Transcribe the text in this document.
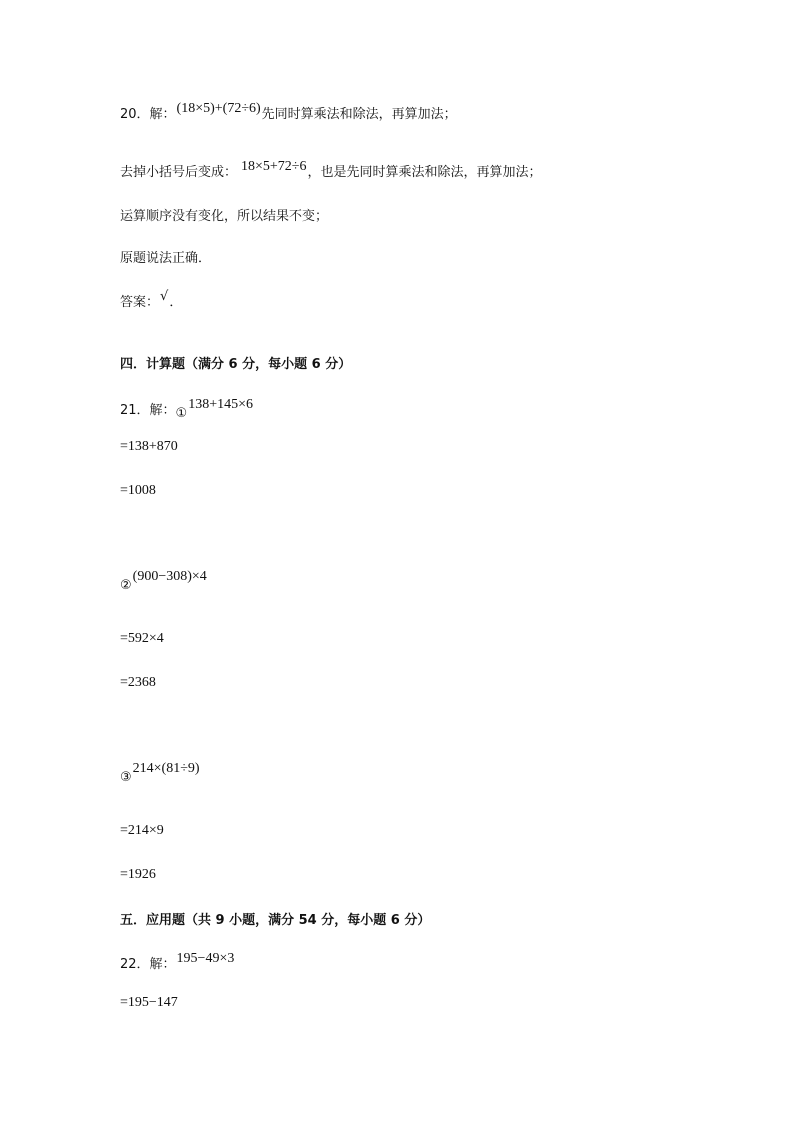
20．解：(18×5)+(72÷6)先同时算乘法和除法，再算加法；
去掉小括号后变成： 18×5+72÷6，也是先同时算乘法和除法，再算加法；
运算顺序没有变化，所以结果不变；
原题说法正确．
答案：√．
四．计算题（满分 6 分，每小题 6 分）
21．解：①138+145×6
=138+870
=1008
②(900−308)×4
=592×4
=2368
③214×(81÷9)
=214×9
=1926
五．应用题（共 9 小题，满分 54 分，每小题 6 分）
22．解：195−49×3
=195−147
